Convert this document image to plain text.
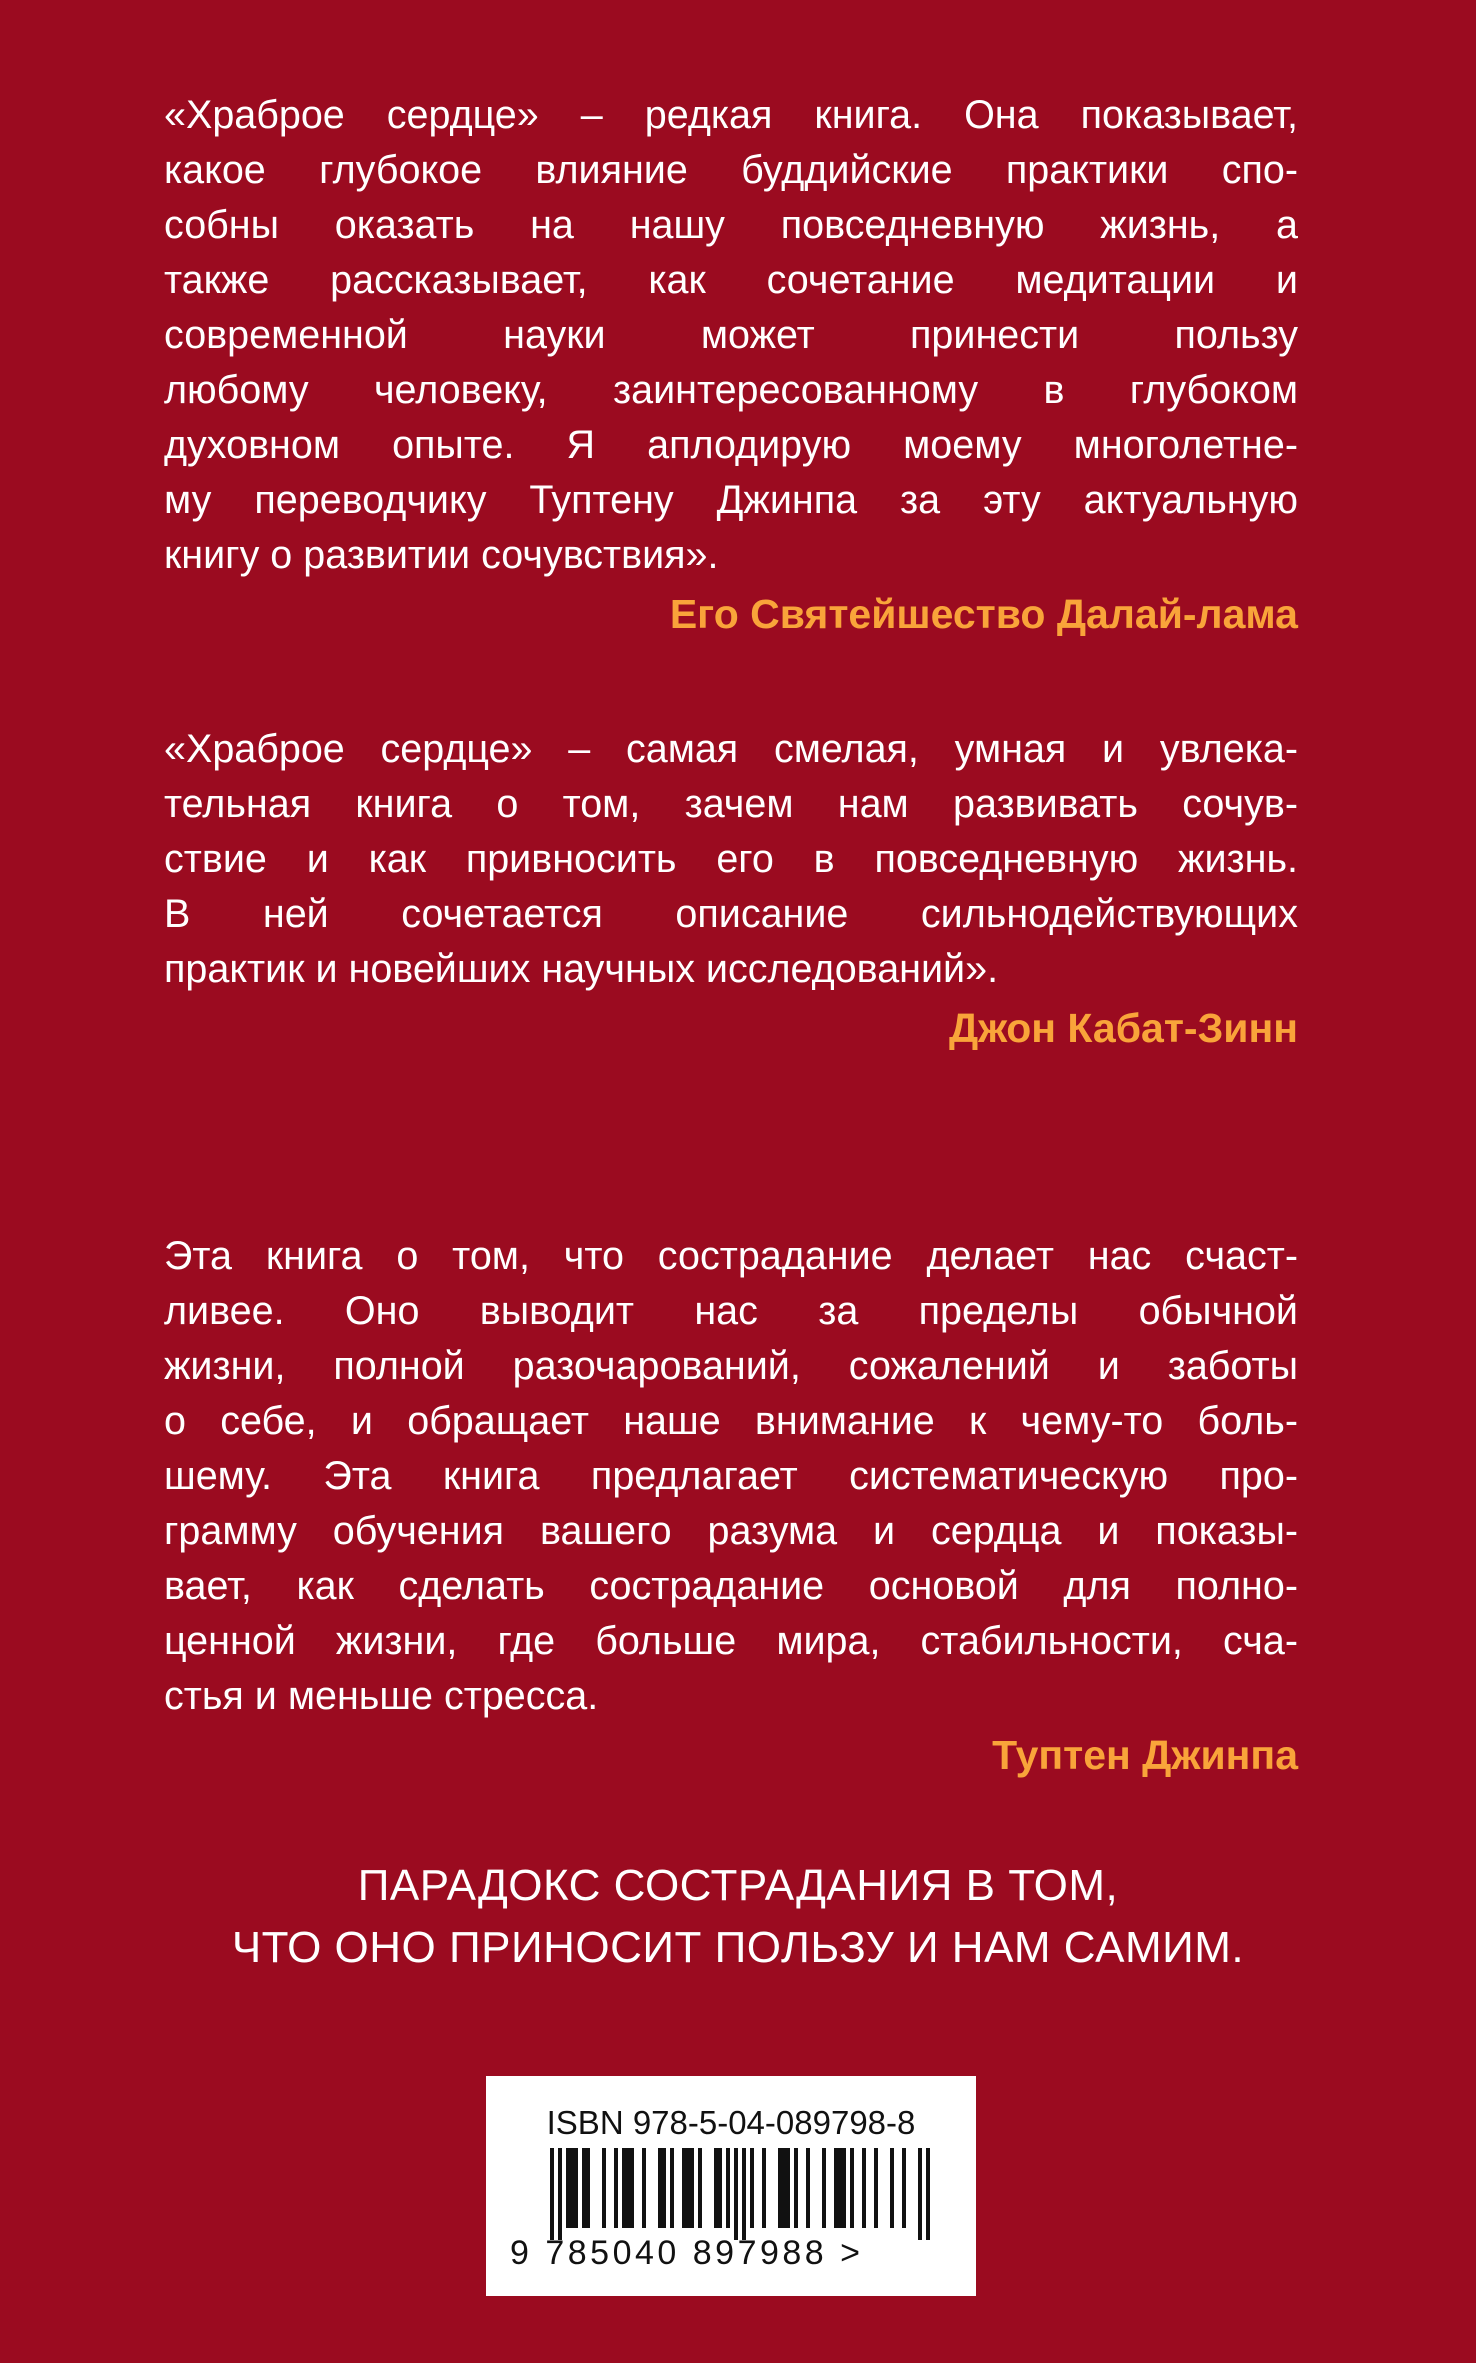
«Храброе сердце» – редкая книга. Она показывает,
какое глубокое влияние буддийские практики спо-
собны оказать на нашу повседневную жизнь, а
также рассказывает, как сочетание медитации и
современной науки может принести пользу
любому человеку, заинтересованному в глубоком
духовном опыте. Я аплодирую моему многолетне-
му переводчику Туптену Джинпа за эту актуальную
книгу о развитии сочувствия».
Его Святейшество Далай-лама
«Храброе сердце» – самая смелая, умная и увлека-
тельная книга о том, зачем нам развивать сочув-
ствие и как привносить его в повседневную жизнь.
В ней сочетается описание сильнодействующих
практик и новейших научных исследований».
Джон Кабат-Зинн
Эта книга о том, что сострадание делает нас счаст-
ливее. Оно выводит нас за пределы обычной
жизни, полной разочарований, сожалений и заботы
о себе, и обращает наше внимание к чему-то боль-
шему. Эта книга предлагает систематическую про-
грамму обучения вашего разума и сердца и показы-
вает, как сделать сострадание основой для полно-
ценной жизни, где больше мира, стабильности, сча-
стья и меньше стресса.
Туптен Джинпа
ПАРАДОКС СОСТРАДАНИЯ В ТОМ,
ЧТО ОНО ПРИНОСИТ ПОЛЬЗУ И НАМ САМИМ.
ISBN 978-5-04-089798-8
9 785040 897988 >
